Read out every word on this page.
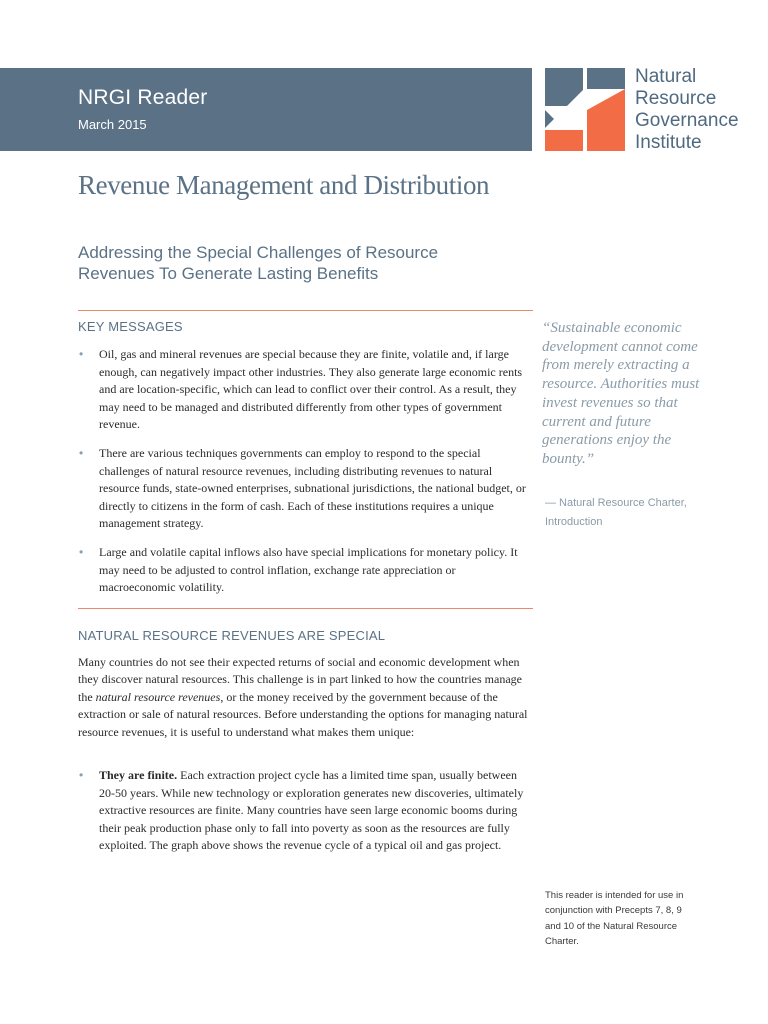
NRGI Reader
March 2015
Natural
Resource
Governance
Institute
Revenue Management and Distribution
Addressing the Special Challenges of Resource Revenues To Generate Lasting Benefits
KEY MESSAGES
• Oil, gas and mineral revenues are special because they are finite, volatile and, if large enough, can negatively impact other industries. They also generate large economic rents and are location-specific, which can lead to conflict over their control. As a result, they may need to be managed and distributed differently from other types of government revenue.
• There are various techniques governments can employ to respond to the special challenges of natural resource revenues, including distributing revenues to natural resource funds, state-owned enterprises, subnational jurisdictions, the national budget, or directly to citizens in the form of cash. Each of these institutions requires a unique management strategy.
• Large and volatile capital inflows also have special implications for monetary policy. It may need to be adjusted to control inflation, exchange rate appreciation or macroeconomic volatility.
NATURAL RESOURCE REVENUES ARE SPECIAL

Many countries do not see their expected returns of social and economic development when they discover natural resources. This challenge is in part linked to how the countries manage the natural resource revenues, or the money received by the government because of the extraction or sale of natural resources. Before understanding the options for managing natural resource revenues, it is useful to understand what makes them unique:

• They are finite. Each extraction project cycle has a limited time span, usually between 20-50 years. While new technology or exploration generates new discoveries, ultimately extractive resources are finite. Many countries have seen large economic booms during their peak production phase only to fall into poverty as soon as the resources are fully exploited. The graph above shows the revenue cycle of a typical oil and gas project.
“Sustainable economic development cannot come from merely extracting a resource. Authorities must invest revenues so that current and future generations enjoy the bounty.”
— Natural Resource Charter, Introduction
This reader is intended for use in conjunction with Precepts 7, 8, 9 and 10 of the Natural Resource Charter.
